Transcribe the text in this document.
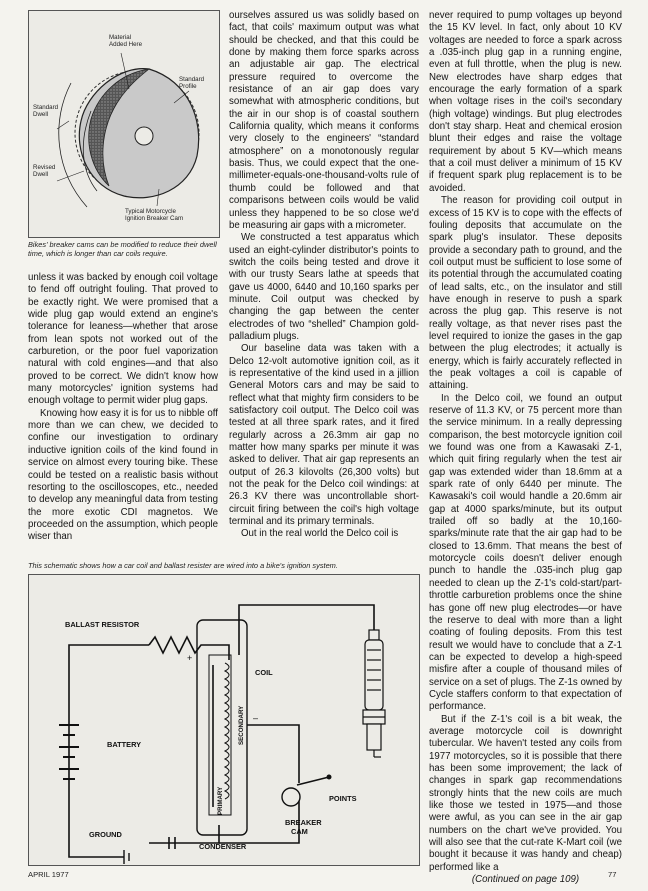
Material Added Here
Standard Profile
Standard Dwell
Revised Dwell
Typical Motorcycle Ignition Breaker Cam
Bikes' breaker cams can be modified to reduce their dwell time, which is longer than car coils require.

unless it was backed by enough coil voltage to fend off outright fouling. That proved to be exactly right. We were promised that a wide plug gap would extend an engine's tolerance for leaness—whether that arose from lean spots not worked out of the carburetion, or the poor fuel vaporization natural with cold engines—and that also proved to be correct. We didn't know how many motorcycles' ignition systems had enough voltage to permit wider plug gaps.

Knowing how easy it is for us to nibble off more than we can chew, we decided to confine our investigation to ordinary inductive ignition coils of the kind found in service on almost every touring bike. These could be tested on a realistic basis without resorting to the oscilloscopes, etc., needed to develop any meaningful data from testing the more exotic CDI magnetos. We proceeded on the assumption, which people wiser than

ourselves assured us was solidly based on fact, that coils' maximum output was what should be checked, and that this could be done by making them force sparks across an adjustable air gap. The electrical pressure required to overcome the resistance of an air gap does vary somewhat with atmospheric conditions, but the air in our shop is of coastal southern California quality, which means it conforms very closely to the engineers' “standard atmosphere” on a monotonously regular basis. Thus, we could expect that the one-millimeter-equals-one-thousand-volts rule of thumb could be followed and that comparisons between coils would be valid unless they happened to be so close we'd be measuring air gaps with a micrometer.

We constructed a test apparatus which used an eight-cylinder distributor's points to switch the coils being tested and drove it with our trusty Sears lathe at speeds that gave us 4000, 6440 and 10,160 sparks per minute. Coil output was checked by changing the gap between the center electrodes of two “shelled” Champion gold-palladium plugs.

Our baseline data was taken with a Delco 12-volt automotive ignition coil, as it is representative of the kind used in a jillion General Motors cars and may be said to reflect what that mighty firm considers to be satisfactory coil output. The Delco coil was tested at all three spark rates, and it fired regularly across a 26.3mm air gap no matter how many sparks per minute it was asked to deliver. That air gap represents an output of 26.3 kilovolts (26,300 volts) but not the peak for the Delco coil windings: at 26.3 KV there was uncontrollable short-circuit firing between the coil's high voltage terminal and its primary terminals.

Out in the real world the Delco coil is

never required to pump voltages up beyond the 15 KV level. In fact, only about 10 KV voltages are needed to force a spark across a .035-inch plug gap in a running engine, even at full throttle, when the plug is new. New electrodes have sharp edges that encourage the early formation of a spark when voltage rises in the coil's secondary (high voltage) windings. But plug electrodes don't stay sharp. Heat and chemical erosion blunt their edges and raise the voltage requirement by about 5 KV—which means that a coil must deliver a minimum of 15 KV if frequent spark plug replacement is to be avoided.

The reason for providing coil output in excess of 15 KV is to cope with the effects of fouling deposits that accumulate on the spark plug's insulator. These deposits provide a secondary path to ground, and the coil output must be sufficient to lose some of its potential through the accumulated coating of lead salts, etc., on the insulator and still have enough in reserve to push a spark across the plug gap. This reserve is not really voltage, as that never rises past the level required to ionize the gases in the gap between the plug electrodes; it actually is energy, which is fairly accurately reflected in the peak voltages a coil is capable of attaining.

In the Delco coil, we found an output reserve of 11.3 KV, or 75 percent more than the service minimum. In a really depressing comparison, the best motorcycle ignition coil we found was one from a Kawasaki Z-1, which quit firing regularly when the test air gap was extended wider than 18.6mm at a spark rate of only 6440 per minute. The Kawasaki's coil would handle a 20.6mm air gap at 4000 sparks/minute, but its output trailed off so badly at the 10,160-sparks/minute rate that the air gap had to be closed to 13.6mm. That means the best of motorcycle coils doesn't deliver enough punch to handle the .035-inch plug gap needed to clean up the Z-1's cold-start/part-throttle carburetion problems once the shine has gone off new plug electrodes—or have the reserve to deal with more than a light coating of fouling deposits. From this test result we would have to conclude that a Z-1 can be expected to develop a high-speed misfire after a couple of thousand miles of service on a set of plugs. The Z-1s owned by Cycle staffers conform to that expectation of performance.

But if the Z-1's coil is a bit weak, the average motorcycle coil is downright tubercular. We haven't tested any coils from 1977 motorcycles, so it is possible that there has been some improvement; the lack of changes in spark gap recommendations strongly hints that the new coils are much like those we tested in 1975—and those were awful, as you can see in the air gap numbers on the chart we've provided. You will also see that the cut-rate K-Mart coil (we bought it because it was handy and cheap) performed like a

(Continued on page 109)
This schematic shows how a car coil and ballast resister are wired into a bike's ignition system.
BALLAST RESISTOR
COIL
BATTERY
POINTS
BREAKER CAM
CONDENSER
GROUND
+
–
PRIMARY
SECONDARY
APRIL 1977	77
